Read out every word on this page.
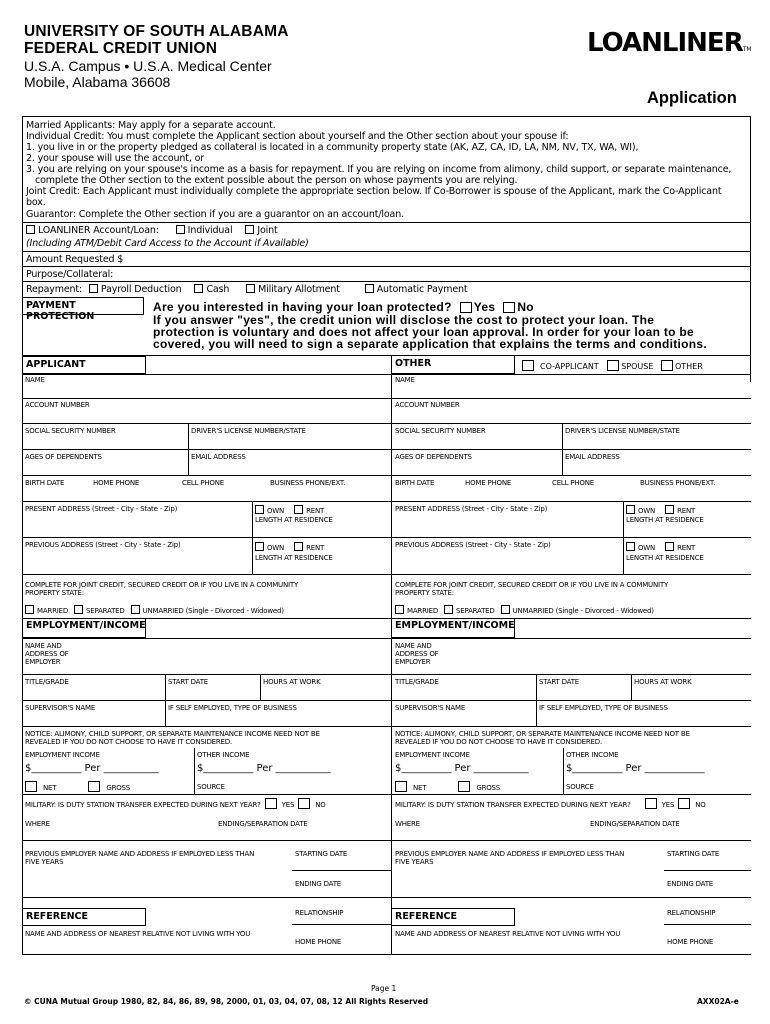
UNIVERSITY OF SOUTH ALABAMA
FEDERAL CREDIT UNION
U.S.A. Campus • U.S.A. Medical Center
Mobile, Alabama 36608
LOANLINERTM
Application
Married Applicants: May apply for a separate account.
Individual Credit: You must complete the Applicant section about yourself and the Other section about your spouse if:
1. you live in or the property pledged as collateral is located in a community property state (AK, AZ, CA, ID, LA, NM, NV, TX, WA, WI),
2. your spouse will use the account, or
3. you are relying on your spouse's income as a basis for repayment. If you are relying on income from alimony, child support, or separate maintenance,
complete the Other section to the extent possible about the person on whose payments you are relying.
Joint Credit: Each Applicant must individually complete the appropriate section below. If Co-Borrower is spouse of the Applicant, mark the Co-Applicant
box.
Guarantor: Complete the Other section if you are a guarantor on an account/loan.
LOANLINER Account/Loan:	Individual	Joint
(Including ATM/Debit Card Access to the Account if Available)
Amount Requested $
Purpose/Collateral:
Repayment: Payroll Deduction	Cash	Military Allotment	Automatic Payment
PAYMENT PROTECTION
Are you interested in having your loan protected? Yes No
If you answer "yes", the credit union will disclose the cost to protect your loan. The
protection is voluntary and does not affect your loan approval. In order for your loan to be
covered, you will need to sign a separate application that explains the terms and conditions.
APPLICANT	OTHER	CO-APPLICANT	SPOUSE	OTHER
NAME	NAME
ACCOUNT NUMBER	ACCOUNT NUMBER
SOCIAL SECURITY NUMBER	DRIVER'S LICENSE NUMBER/STATE	SOCIAL SECURITY NUMBER	DRIVER'S LICENSE NUMBER/STATE
AGES OF DEPENDENTS	EMAIL ADDRESS	AGES OF DEPENDENTS	EMAIL ADDRESS
BIRTH DATE	HOME PHONE	CELL PHONE	BUSINESS PHONE/EXT.	BIRTH DATE	HOME PHONE	CELL PHONE	BUSINESS PHONE/EXT.
PRESENT ADDRESS (Street - City - State - Zip)	OWN	RENT
LENGTH AT RESIDENCE
PRESENT ADDRESS (Street - City - State - Zip)	OWN	RENT
LENGTH AT RESIDENCE
PREVIOUS ADDRESS (Street - City - State - Zip)	OWN	RENT
LENGTH AT RESIDENCE
PREVIOUS ADDRESS (Street - City - State - Zip)	OWN	RENT
LENGTH AT RESIDENCE
COMPLETE FOR JOINT CREDIT, SECURED CREDIT OR IF YOU LIVE IN A COMMUNITY
PROPERTY STATE:
MARRIED	SEPARATED	UNMARRIED (Single - Divorced - Widowed)
COMPLETE FOR JOINT CREDIT, SECURED CREDIT OR IF YOU LIVE IN A COMMUNITY
PROPERTY STATE:
MARRIED	SEPARATED	UNMARRIED (Single - Divorced - Widowed)
EMPLOYMENT/INCOME	EMPLOYMENT/INCOME
NAME AND
ADDRESS OF
EMPLOYER
NAME AND
ADDRESS OF
EMPLOYER
TITLE/GRADE	START DATE	HOURS AT WORK	TITLE/GRADE	START DATE	HOURS AT WORK
SUPERVISOR'S NAME	IF SELF EMPLOYED, TYPE OF BUSINESS	SUPERVISOR'S NAME	IF SELF EMPLOYED, TYPE OF BUSINESS
NOTICE: ALIMONY, CHILD SUPPORT, OR SEPARATE MAINTENANCE INCOME NEED NOT BE
REVEALED IF YOU DO NOT CHOOSE TO HAVE IT CONSIDERED.
NOTICE: ALIMONY, CHILD SUPPORT, OR SEPARATE MAINTENANCE INCOME NEED NOT BE
REVEALED IF YOU DO NOT CHOOSE TO HAVE IT CONSIDERED.
EMPLOYMENT INCOME	OTHER INCOME
$__________ Per ___________	$__________ Per ___________
NET	GROSS	SOURCE
EMPLOYMENT INCOME	OTHER INCOME
$__________ Per ___________	$__________ Per ____________
NET	GROSS	SOURCE
MILITARY: IS DUTY STATION TRANSFER EXPECTED DURING NEXT YEAR?	YES	NO	MILITARY: IS DUTY STATION TRANSFER EXPECTED DURING NEXT YEAR?	YES	NO
WHERE	ENDING/SEPARATION DATE	WHERE	ENDING/SEPARATION DATE
PREVIOUS EMPLOYER NAME AND ADDRESS IF EMPLOYED LESS THAN
FIVE YEARS
STARTING DATE
ENDING DATE
PREVIOUS EMPLOYER NAME AND ADDRESS IF EMPLOYED LESS THAN
FIVE YEARS
STARTING DATE
ENDING DATE
REFERENCE	RELATIONSHIP
NAME AND ADDRESS OF NEAREST RELATIVE NOT LIVING WITH YOU
HOME PHONE
REFERENCE	RELATIONSHIP
NAME AND ADDRESS OF NEAREST RELATIVE NOT LIVING WITH YOU
HOME PHONE
Page 1
© CUNA Mutual Group 1980, 82, 84, 86, 89, 98, 2000, 01, 03, 04, 07, 08, 12 All Rights Reserved	AXX02A-e
